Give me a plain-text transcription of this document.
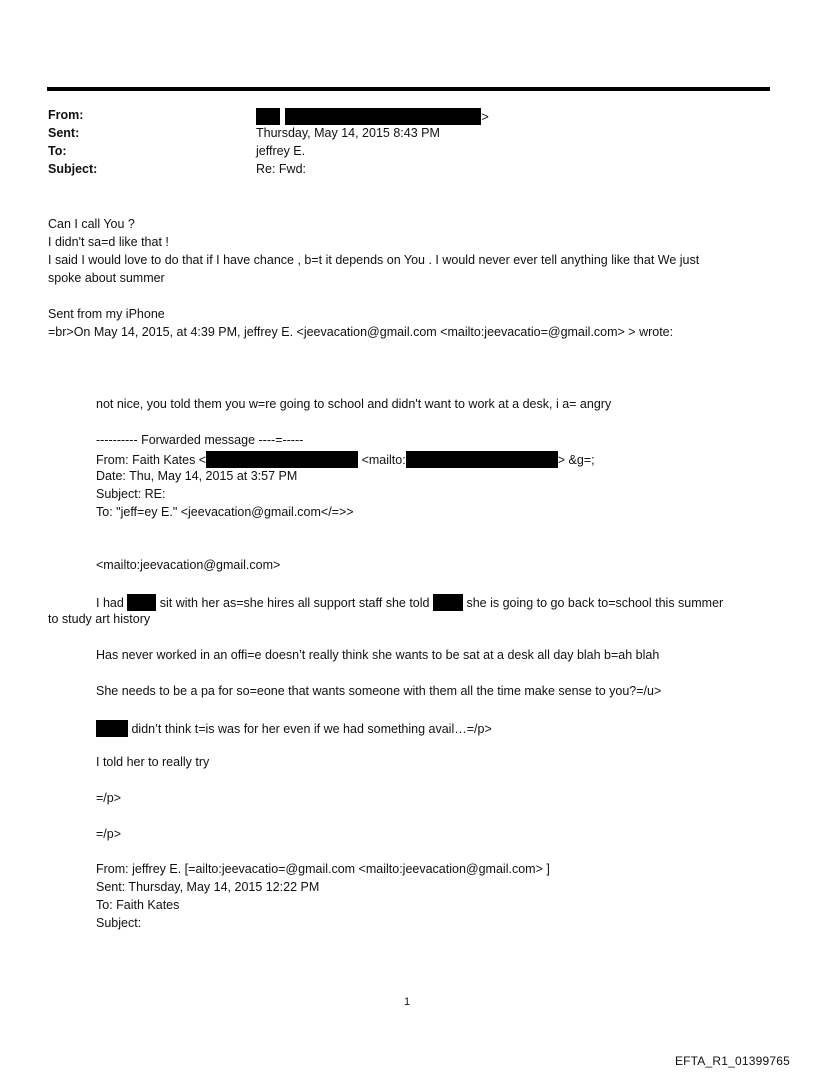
From:	>
Sent:	Thursday, May 14, 2015 8:43 PM
To:	jeffrey E.
Subject:	Re: Fwd:
Can I call You ?
I didn't sa=d like that !
I said I would love to do that if I have chance , b=t it depends on You . I would never ever tell anything like that We just
spoke about summer
Sent from my iPhone
=br>On May 14, 2015, at 4:39 PM, jeffrey E. <jeevacation@gmail.com <mailto:jeevacatio=@gmail.com> > wrote:
not nice, you told them you w=re going to school and didn't want to work at a desk, i a= angry
---------- Forwarded message ----=-----
From: Faith Kates <	<mailto:	> &g=;
Date: Thu, May 14, 2015 at 3:57 PM
Subject: RE:
To: "jeff=ey E." <jeevacation@gmail.com</=>>
<mailto:jeevacation@gmail.com>
I had	sit with her as=she hires all support staff she told	she is going to go back to=school this summer
to study art history
Has never worked in an offi=e doesn’t really think she wants to be sat at a desk all day blah b=ah blah
She needs to be a pa for so=eone that wants someone with them all the time make sense to you?=/u>
didn’t think t=is was for her even if we had something avail…=/p>
I told her to really try
=/p>
=/p>
From: jeffrey E. [=ailto:jeevacatio=@gmail.com <mailto:jeevacation@gmail.com> ]
Sent: Thursday, May 14, 2015 12:22 PM
To: Faith Kates
Subject:
1
EFTA_R1_01399765
